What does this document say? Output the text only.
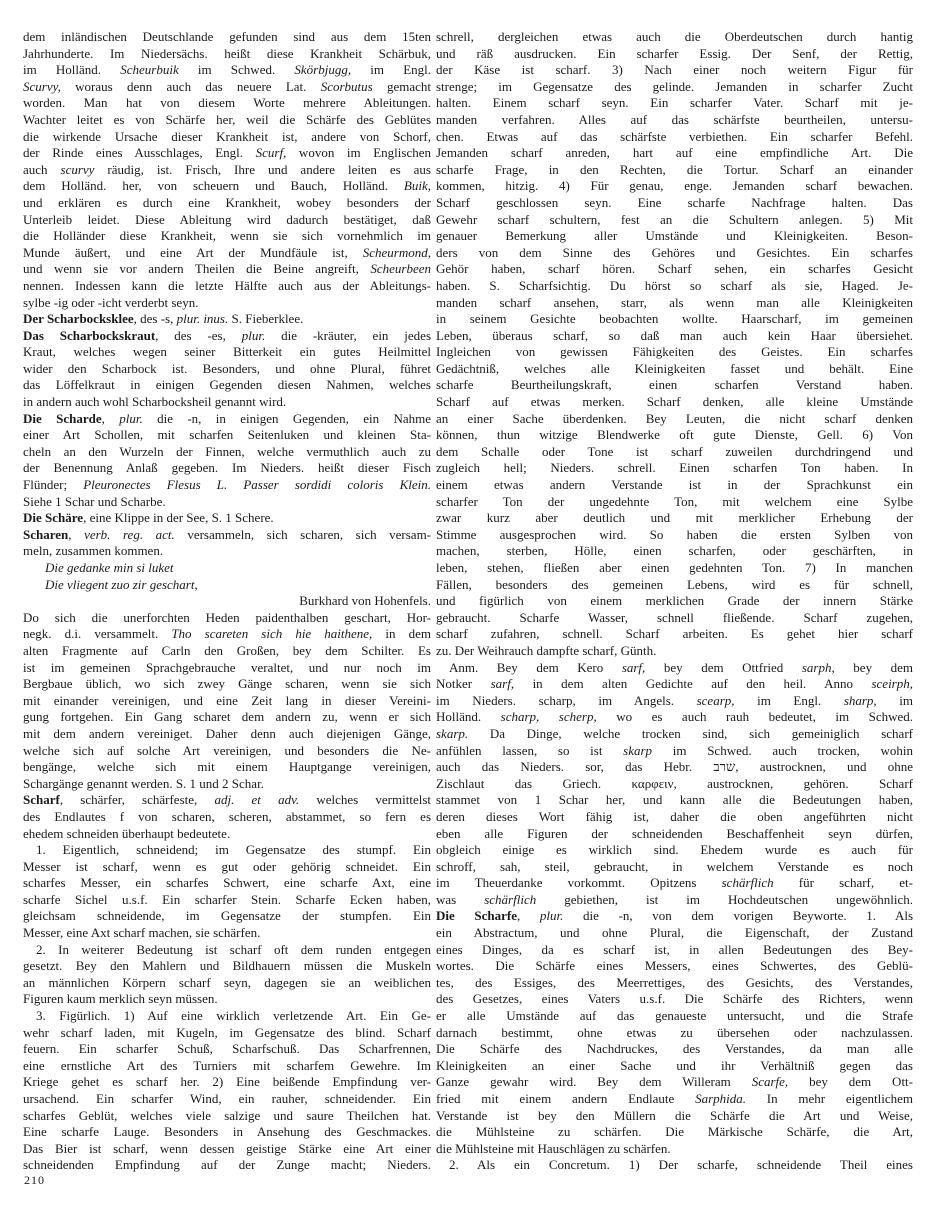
dem inländischen Deutschlande gefunden sind aus dem 15ten
Jahrhunderte. Im Niedersächs. heißt diese Krankheit Schärbuk,
im Holländ. Scheurbuik im Schwed. Skörbjugg, im Engl.
Scurvy, woraus denn auch das neuere Lat. Scorbutus gemacht
worden. Man hat von diesem Worte mehrere Ableitungen.
Wachter leitet es von Schärfe her, weil die Schärfe des Geblütes
die wirkende Ursache dieser Krankheit ist, andere von Schorf,
der Rinde eines Ausschlages, Engl. Scurf, wovon im Englischen
auch scurvy räudig, ist. Frisch, Ihre und andere leiten es aus
dem Holländ. her, von scheuern und Bauch, Holländ. Buik,
und erklären es durch eine Krankheit, wobey besonders der
Unterleib leidet. Diese Ableitung wird dadurch bestätiget, daß
die Holländer diese Krankheit, wenn sie sich vornehmlich im
Munde äußert, und eine Art der Mundfäule ist, Scheurmond,
und wenn sie vor andern Theilen die Beine angreift, Scheurbeen
nennen. Indessen kann die letzte Hälfte auch aus der Ableitungs-
sylbe -ig oder -icht verderbt seyn.
Der Scharbocksklee, des -s, plur. inus. S. Fieberklee.
Das Scharbockskraut, des -es, plur. die -kräuter, ein jedes
Kraut, welches wegen seiner Bitterkeit ein gutes Heilmittel
wider den Scharbock ist. Besonders, und ohne Plural, führet
das Löffelkraut in einigen Gegenden diesen Nahmen, welches
in andern auch wohl Scharbocksheil genannt wird.
Die Scharde, plur. die -n, in einigen Gegenden, ein Nahme
einer Art Schollen, mit scharfen Seitenluken und kleinen Sta-
cheln an den Wurzeln der Finnen, welche vermuthlich auch zu
der Benennung Anlaß gegeben. Im Nieders. heißt dieser Fisch
Flünder; Pleuronectes Flesus L. Passer sordidi coloris Klein.
Siehe 1 Schar und Scharbe.
Die Schäre, eine Klippe in der See, S. 1 Schere.
Scharen, verb. reg. act. versammeln, sich scharen, sich versam-
meln, zusammen kommen.
Die gedanke min si luket
Die vliegent zuo zir geschart,
Burkhard von Hohenfels.
Do sich die unerforchten Heden paidenthalben geschart, Hor-
negk. d.i. versammelt. Tho scareten sich hie haithene, in dem
alten Fragmente auf Carln den Großen, bey dem Schilter. Es
ist im gemeinen Sprachgebrauche veraltet, und nur noch im
Bergbaue üblich, wo sich zwey Gänge scharen, wenn sie sich
mit einander vereinigen, und eine Zeit lang in dieser Vereini-
gung fortgehen. Ein Gang scharet dem andern zu, wenn er sich
mit dem andern vereiniget. Daher denn auch diejenigen Gänge,
welche sich auf solche Art vereinigen, und besonders die Ne-
bengänge, welche sich mit einem Hauptgange vereinigen,
Schargänge genannt werden. S. 1 und 2 Schar.
Scharf, schärfer, schärfeste, adj. et adv. welches vermittelst
des Endlautes f von scharen, scheren, abstammet, so fern es
ehedem schneiden überhaupt bedeutete.
1. Eigentlich, schneidend; im Gegensatze des stumpf. Ein
Messer ist scharf, wenn es gut oder gehörig schneidet. Ein
scharfes Messer, ein scharfes Schwert, eine scharfe Axt, eine
scharfe Sichel u.s.f. Ein scharfer Stein. Scharfe Ecken haben,
gleichsam schneidende, im Gegensatze der stumpfen. Ein
Messer, eine Axt scharf machen, sie schärfen.
2. In weiterer Bedeutung ist scharf oft dem runden entgegen
gesetzt. Bey den Mahlern und Bildhauern müssen die Muskeln
an männlichen Körpern scharf seyn, dagegen sie an weiblichen
Figuren kaum merklich seyn müssen.
3. Figürlich. 1) Auf eine wirklich verletzende Art. Ein Ge-
wehr scharf laden, mit Kugeln, im Gegensatze des blind. Scharf
feuern. Ein scharfer Schuß, Scharfschuß. Das Scharfrennen,
eine ernstliche Art des Turniers mit scharfem Gewehre. Im
Kriege gehet es scharf her. 2) Eine beißende Empfindung ver-
ursachend. Ein scharfer Wind, ein rauher, schneidender. Ein
scharfes Geblüt, welches viele salzige und saure Theilchen hat.
Eine scharfe Lauge. Besonders in Ansehung des Geschmackes.
Das Bier ist scharf, wenn dessen geistige Stärke eine Art einer
schneidenden Empfindung auf der Zunge macht; Nieders.
schrell, dergleichen etwas auch die Oberdeutschen durch hantig
und räß ausdrucken. Ein scharfer Essig. Der Senf, der Rettig,
der Käse ist scharf. 3) Nach einer noch weitern Figur für
strenge; im Gegensatze des gelinde. Jemanden in scharfer Zucht
halten. Einem scharf seyn. Ein scharfer Vater. Scharf mit je-
manden verfahren. Alles auf das schärfste beurtheilen, untersu-
chen. Etwas auf das schärfste verbiethen. Ein scharfer Befehl.
Jemanden scharf anreden, hart auf eine empfindliche Art. Die
scharfe Frage, in den Rechten, die Tortur. Scharf an einander
kommen, hitzig. 4) Für genau, enge. Jemanden scharf bewachen.
Scharf geschlossen seyn. Eine scharfe Nachfrage halten. Das
Gewehr scharf schultern, fest an die Schultern anlegen. 5) Mit
genauer Bemerkung aller Umstände und Kleinigkeiten. Beson-
ders von dem Sinne des Gehöres und Gesichtes. Ein scharfes
Gehör haben, scharf hören. Scharf sehen, ein scharfes Gesicht
haben. S. Scharfsichtig. Du hörst so scharf als sie, Haged. Je-
manden scharf ansehen, starr, als wenn man alle Kleinigkeiten
in seinem Gesichte beobachten wollte. Haarscharf, im gemeinen
Leben, überaus scharf, so daß man auch kein Haar übersiehet.
Ingleichen von gewissen Fähigkeiten des Geistes. Ein scharfes
Gedächtniß, welches alle Kleinigkeiten fasset und behält. Eine
scharfe Beurtheilungskraft, einen scharfen Verstand haben.
Scharf auf etwas merken. Scharf denken, alle kleine Umstände
an einer Sache überdenken. Bey Leuten, die nicht scharf denken
können, thun witzige Blendwerke oft gute Dienste, Gell. 6) Von
dem Schalle oder Tone ist scharf zuweilen durchdringend und
zugleich hell; Nieders. schrell. Einen scharfen Ton haben. In
einem etwas andern Verstande ist in der Sprachkunst ein
scharfer Ton der ungedehnte Ton, mit welchem eine Sylbe
zwar kurz aber deutlich und mit merklicher Erhebung der
Stimme ausgesprochen wird. So haben die ersten Sylben von
machen, sterben, Hölle, einen scharfen, oder geschärften, in
leben, stehen, fließen aber einen gedehnten Ton. 7) In manchen
Fällen, besonders des gemeinen Lebens, wird es für schnell,
und figürlich von einem merklichen Grade der innern Stärke
gebraucht. Scharfe Wasser, schnell fließende. Scharf zugehen,
scharf zufahren, schnell. Scharf arbeiten. Es gehet hier scharf
zu. Der Weihrauch dampfte scharf, Günth.
Anm. Bey dem Kero sarf, bey dem Ottfried sarph, bey dem
Notker sarf, in dem alten Gedichte auf den heil. Anno sceirph,
im Nieders. scharp, im Angels. scearp, im Engl. sharp, im
Holländ. scharp, scherp, wo es auch rauh bedeutet, im Schwed.
skarp. Da Dinge, welche trocken sind, sich gemeiniglich scharf
anfühlen lassen, so ist skarp im Schwed. auch trocken, wohin
auch das Nieders. sor, das Hebr. שרב, austrocknen, und ohne
Zischlaut das Griech. καρφειν, austrocknen, gehören. Scharf
stammet von 1 Schar her, und kann alle die Bedeutungen haben,
deren dieses Wort fähig ist, daher die oben angeführten nicht
eben alle Figuren der schneidenden Beschaffenheit seyn dürfen,
obgleich einige es wirklich sind. Ehedem wurde es auch für
schroff, sah, steil, gebraucht, in welchem Verstande es noch
im Theuerdanke vorkommt. Opitzens schärflich für scharf, et-
was schärflich gebiethen, ist im Hochdeutschen ungewöhnlich.
Die Scharfe, plur. die -n, von dem vorigen Beyworte. 1. Als
ein Abstractum, und ohne Plural, die Eigenschaft, der Zustand
eines Dinges, da es scharf ist, in allen Bedeutungen des Bey-
wortes. Die Schärfe eines Messers, eines Schwertes, des Geblü-
tes, des Essiges, des Meerrettiges, des Gesichts, des Verstandes,
des Gesetzes, eines Vaters u.s.f. Die Schärfe des Richters, wenn
er alle Umstände auf das genaueste untersucht, und die Strafe
darnach bestimmt, ohne etwas zu übersehen oder nachzulassen.
Die Schärfe des Nachdruckes, des Verstandes, da man alle
Kleinigkeiten an einer Sache und ihr Verhältniß gegen das
Ganze gewahr wird. Bey dem Willeram Scarfe, bey dem Ott-
fried mit einem andern Endlaute Sarphida. In mehr eigentlichem
Verstande ist bey den Müllern die Schärfe die Art und Weise,
die Mühlsteine zu schärfen. Die Märkische Schärfe, die Art,
die Mühlsteine mit Hauschlägen zu schärfen.
2. Als ein Concretum. 1) Der scharfe, schneidende Theil eines
210
